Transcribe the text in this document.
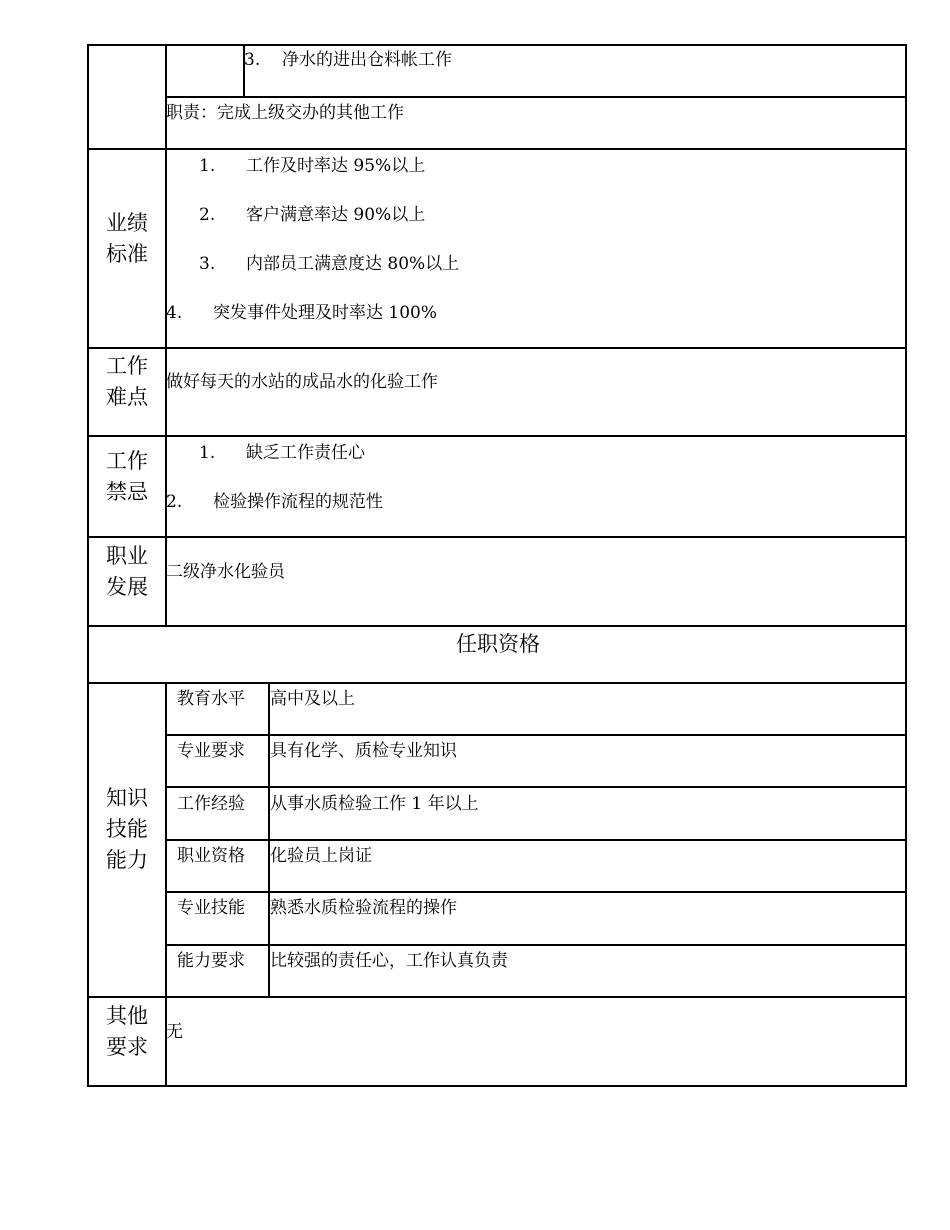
3. 净水的进出仓料帐工作
职责：完成上级交办的其他工作
业绩
标准
1. 工作及时率达 95%以上
2. 客户满意率达 90%以上
3. 内部员工满意度达 80%以上
4. 突发事件处理及时率达 100%
工作
难点
做好每天的水站的成品水的化验工作
工作
禁忌
1. 缺乏工作责任心
2. 检验操作流程的规范性
职业
发展
二级净水化验员
任职资格
知识
技能
能力
教育水平 高中及以上
专业要求 具有化学、质检专业知识
工作经验 从事水质检验工作 1 年以上
职业资格 化验员上岗证
专业技能 熟悉水质检验流程的操作
能力要求 比较强的责任心，工作认真负责
其他
要求
无
